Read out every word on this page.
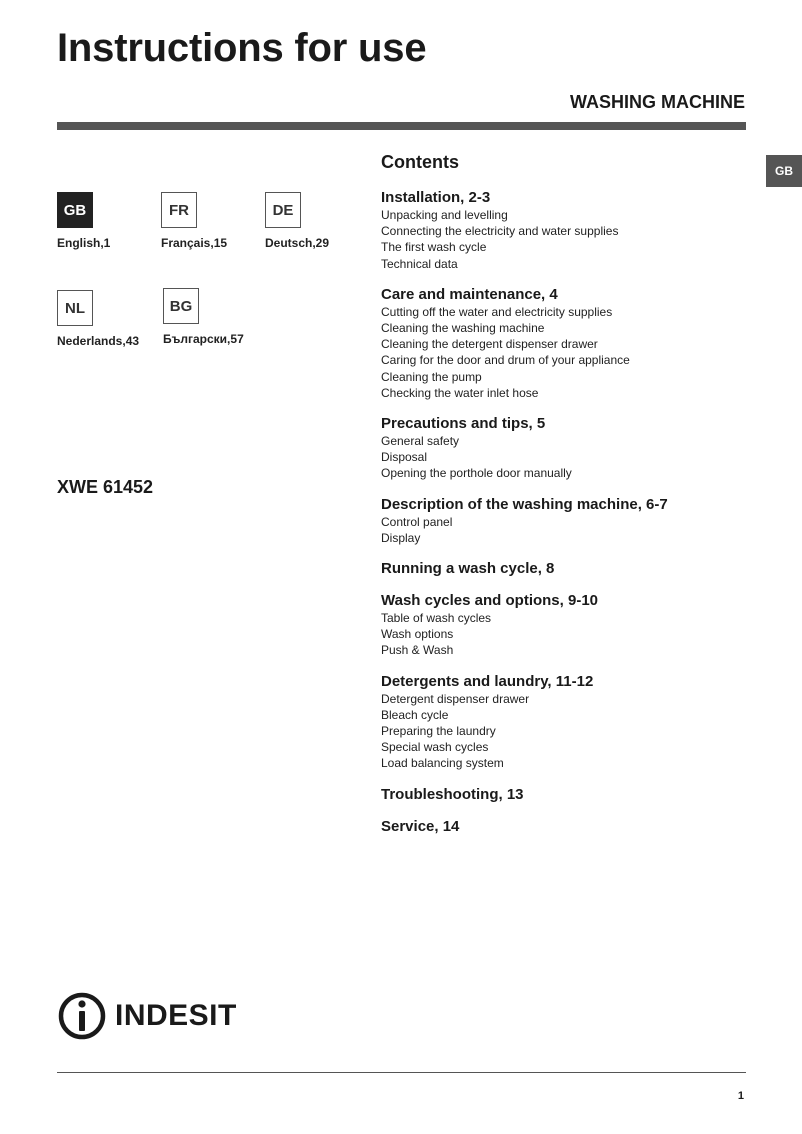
Instructions for use
WASHING MACHINE
GB
GB
English,1
FR
Français,15
DE
Deutsch,29
NL
Nederlands,43
BG
Български,57
XWE 61452
Contents
Installation, 2-3
Unpacking and levelling
Connecting the electricity and water supplies
The first wash cycle
Technical data
Care and maintenance, 4
Cutting off the water and electricity supplies
Cleaning the washing machine
Cleaning the detergent dispenser drawer
Caring for the door and drum of your appliance
Cleaning the pump
Checking the water inlet hose
Precautions and tips, 5
General safety
Disposal
Opening the porthole door manually
Description of the washing machine, 6-7
Control panel
Display
Running a wash cycle, 8
Wash cycles and options, 9-10
Table of wash cycles
Wash options
Push & Wash
Detergents and laundry, 11-12
Detergent dispenser drawer
Bleach cycle
Preparing the laundry
Special wash cycles
Load balancing system
Troubleshooting, 13
Service, 14
INDESIT
1
